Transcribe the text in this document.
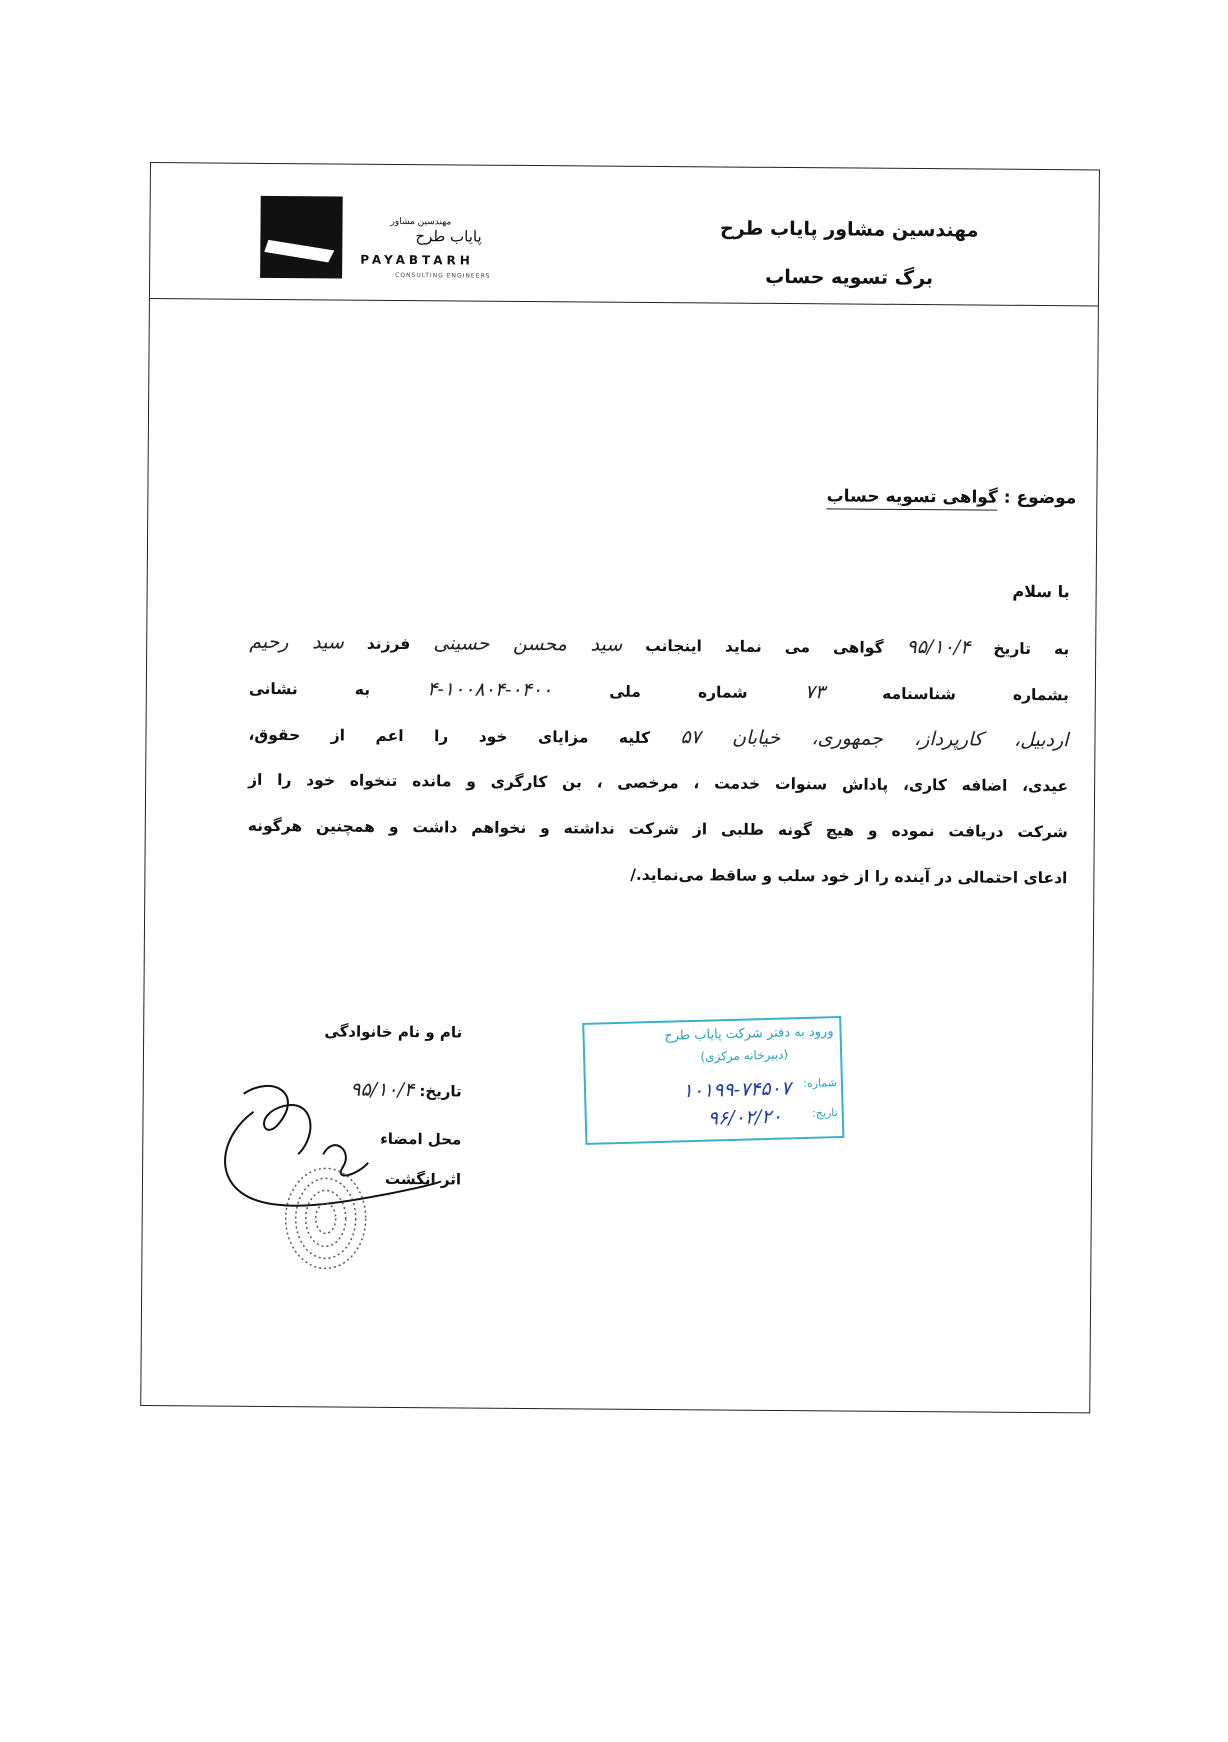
مهندسین مشاور پایاب طرح
برگ تسویه حساب
مهندسین مشاور
پایاب طرح
PAYABTARH
CONSULTING ENGINEERS
موضوع : گواهی تسویه حساب
با سلام
به تاریخ ۹۵/۱۰/۴ گواهی می نماید اینجانب سید محسن حسینی فرزند سید رحیم
بشماره شناسنامه ۷۳ شماره ملی ۰۴۰۰-۱۰۰۸۰۴-۴ به نشانی
اردبیل، کارپرداز، جمهوری، خیابان ۵۷ کلیه مزایای خود را اعم از حقوق،
عیدی، اضافه کاری، پاداش سنوات خدمت ، مرخصی ، بن کارگری و مانده تنخواه خود را از
شرکت دریافت نموده و هیچ گونه طلبی از شرکت نداشته و نخواهم داشت و همچنین هرگونه
ادعای احتمالی در آینده را از خود سلب و ساقط می‌نماید./
نام و نام خانوادگی
تاریخ: ۹۵/۱۰/۴
محل امضاء
اثر انگشت
ورود به دفتر شرکت پایاب طرح
(دبیرخانه مرکزی)
شماره:
۱۰۱۹۹-۷۴۵۰۷
تاریخ:
۹۶/۰۲/۲۰
